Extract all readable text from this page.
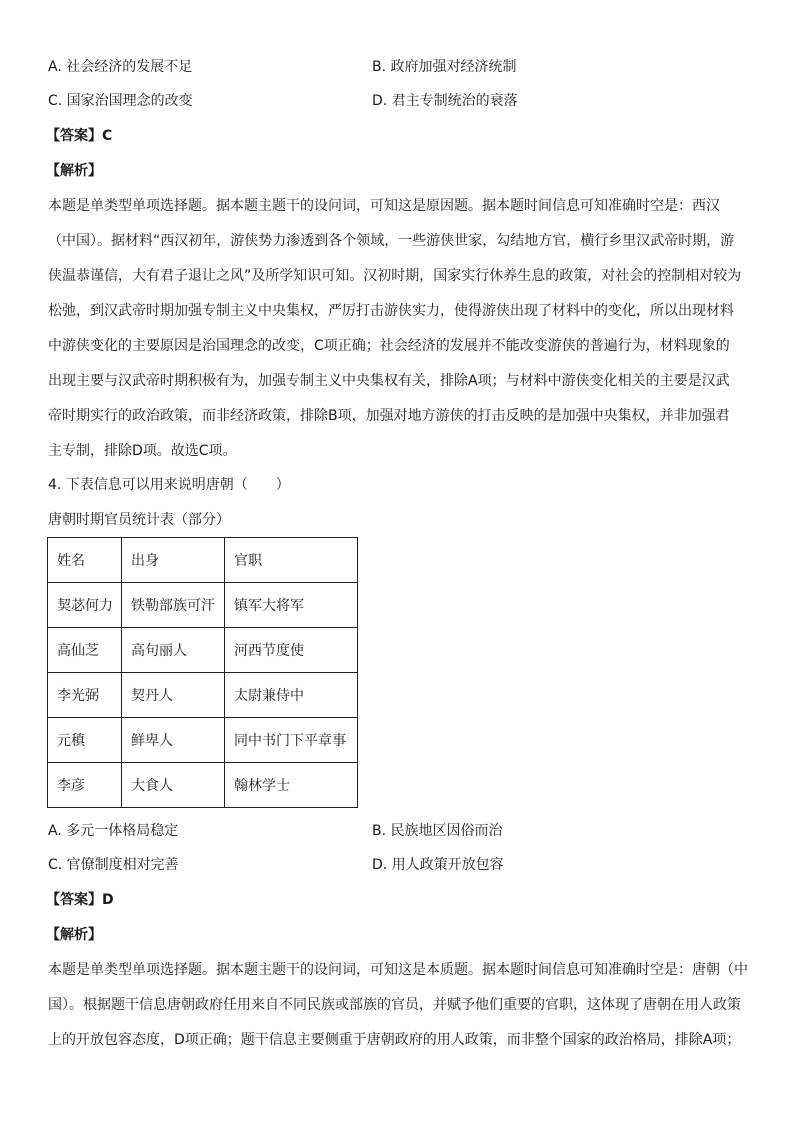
A. 社会经济的发展不足	B. 政府加强对经济统制
C. 国家治国理念的改变	D. 君主专制统治的衰落
【答案】C
【解析】
本题是单类型单项选择题。据本题主题干的设问词，可知这是原因题。据本题时间信息可知准确时空是：西汉
（中国）。据材料“西汉初年，游侠势力渗透到各个领域，一些游侠世家，勾结地方官，横行乡里汉武帝时期，游
侠温恭谨信，大有君子退让之风”及所学知识可知。汉初时期，国家实行休养生息的政策，对社会的控制相对较为
松弛，到汉武帝时期加强专制主义中央集权，严厉打击游侠实力，使得游侠出现了材料中的变化，所以出现材料
中游侠变化的主要原因是治国理念的改变，C项正确；社会经济的发展并不能改变游侠的普遍行为，材料现象的
出现主要与汉武帝时期积极有为，加强专制主义中央集权有关，排除A项；与材料中游侠变化相关的主要是汉武
帝时期实行的政治政策，而非经济政策，排除B项，加强对地方游侠的打击反映的是加强中央集权，并非加强君
主专制，排除D项。故选C项。
4. 下表信息可以用来说明唐朝（　　）
唐朝时期官员统计表（部分）
姓名	出身	官职
契苾何力	铁勒部族可汗	镇军大将军
高仙芝	高句丽人	河西节度使
李光弼	契丹人	太尉兼侍中
元稹	鲜卑人	同中书门下平章事
李彦	大食人	翰林学士
A. 多元一体格局稳定	B. 民族地区因俗而治
C. 官僚制度相对完善	D. 用人政策开放包容
【答案】D
【解析】
本题是单类型单项选择题。据本题主题干的设问词，可知这是本质题。据本题时间信息可知准确时空是：唐朝（中
国）。根据题干信息唐朝政府任用来自不同民族或部族的官员，并赋予他们重要的官职，这体现了唐朝在用人政策
上的开放包容态度，D项正确；题干信息主要侧重于唐朝政府的用人政策，而非整个国家的政治格局，排除A项；
